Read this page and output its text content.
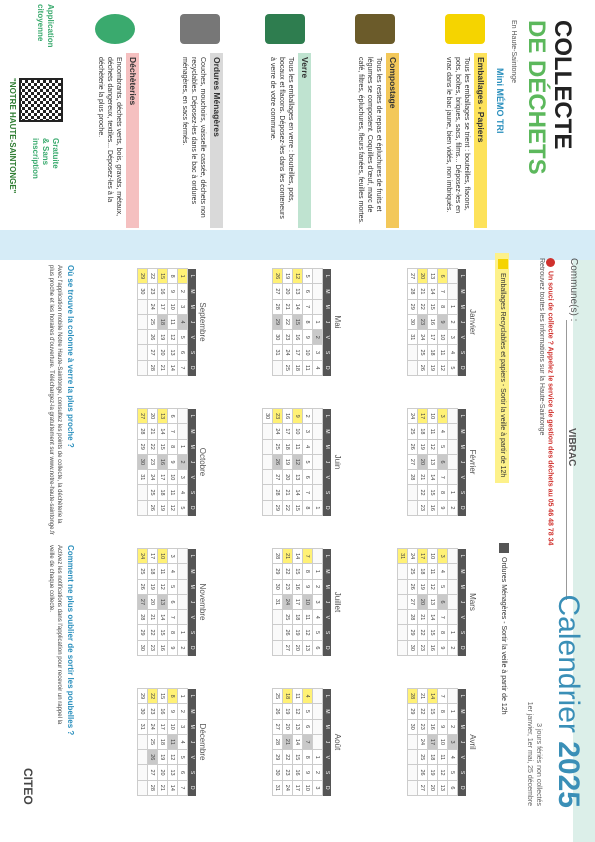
COLLECTE
DE DÉCHETS
En Haute-Saintonge
Mini MÉMO TRI
Emballages - Papiers
Tous les emballages se trient : bouteilles, flacons, pots, boîtes, briques, sacs, films... Déposez-les en vrac dans le bac jaune, bien vidés, non imbriqués.
Compostage
Tous les restes de repas et épluchures de fruits et légumes se compostent. Coquilles d'œuf, marc de café, filtres, épluchures, fleurs fanées, feuilles mortes.
Verre
Tous les emballages en verre : bouteilles, pots, bocaux et flacons. Déposez-les dans les conteneurs à verre de votre commune.
Ordures Ménagères
Couches, mouchoirs, vaisselle cassée, déchets non recyclables. Déposez-les dans le bac à ordures ménagères, en sacs fermés.
Déchèteries
Encombrants, déchets verts, bois, gravats, métaux, déchets dangereux, textiles... Déposez-les à la déchèterie la plus proche.
Application
citoyenne
Gratuite
& Sans
inscription
"NOTRE HAUTE-SAINTONGE"
Commune(s) :
VIBRAC
Calendrier 2025
3 jours fériés non collectés
1er janvier, 1er mai, 25 décembre
Un souci de collecte ? Appelez le service de gestion des déchets au 05 46 48 78 34
Retrouvez toutes les informations sur la Haute-Saintonge
Emballages Recyclables et papiers - Sortir la veille à partir de 12h
Ordures Ménagères - Sortir la veille à partir de 12h
Janvier
L	M	M	J	V	S	D
		1	2	3	4	5
6	7	8	9	10	11	12
13	14	15	16	17	18	19
20	21	22	23	24	25	26
27	28	29	30	31		
Février
L	M	M	J	V	S	D
					1	2
3	4	5	6	7	8	9
10	11	12	13	14	15	16
17	18	19	20	21	22	23
24	25	26	27	28		
Mars
L	M	M	J	V	S	D
					1	2
3	4	5	6	7	8	9
10	11	12	13	14	15	16
17	18	19	20	21	22	23
24	25	26	27	28	29	30
31						
Avril
L	M	M	J	V	S	D
	1	2	3	4	5	6
7	8	9	10	11	12	13
14	15	16	17	18	19	20
21	22	23	24	25	26	27
28	29	30				
Mai
L	M	M	J	V	S	D
			1	2	3	4
5	6	7	8	9	10	11
12	13	14	15	16	17	18
19	20	21	22	23	24	25
26	27	28	29	30	31	
Juin
L	M	M	J	V	S	D
						1
2	3	4	5	6	7	8
9	10	11	12	13	14	15
16	17	18	19	20	21	22
23	24	25	26	27	28	29
30						
Juillet
L	M	M	J	V	S	D
	1	2	3	4	5	6
7	8	9	10	11	12	13
14	15	16	17	18	19	20
21	22	23	24	25	26	27
28	29	30	31			
Août
L	M	M	J	V	S	D
				1	2	3
4	5	6	7	8	9	10
11	12	13	14	15	16	17
18	19	20	21	22	23	24
25	26	27	28	29	30	31
Septembre
L	M	M	J	V	S	D
1	2	3	4	5	6	7
8	9	10	11	12	13	14
15	16	17	18	19	20	21
22	23	24	25	26	27	28
29	30					
Octobre
L	M	M	J	V	S	D
		1	2	3	4	5
6	7	8	9	10	11	12
13	14	15	16	17	18	19
20	21	22	23	24	25	26
27	28	29	30	31		
Novembre
L	M	M	J	V	S	D
					1	2
3	4	5	6	7	8	9
10	11	12	13	14	15	16
17	18	19	20	21	22	23
24	25	26	27	28	29	30
Décembre
L	M	M	J	V	S	D
1	2	3	4	5	6	7
8	9	10	11	12	13	14
15	16	17	18	19	20	21
22	23	24	25	26	27	28
29	30	31				
Où se trouve la colonne à verre la plus proche ?
Avec l'application mobile Notre Haute-Saintonge, consultez les points de collecte, la déchèterie la plus proche et les horaires d'ouverture. Téléchargez-la gratuitement sur www.notre-haute-saintonge.fr
Comment ne plus oublier de sortir les poubelles ?
Activez les notifications dans l'application pour recevoir un rappel la veille de chaque collecte.
CITEO
